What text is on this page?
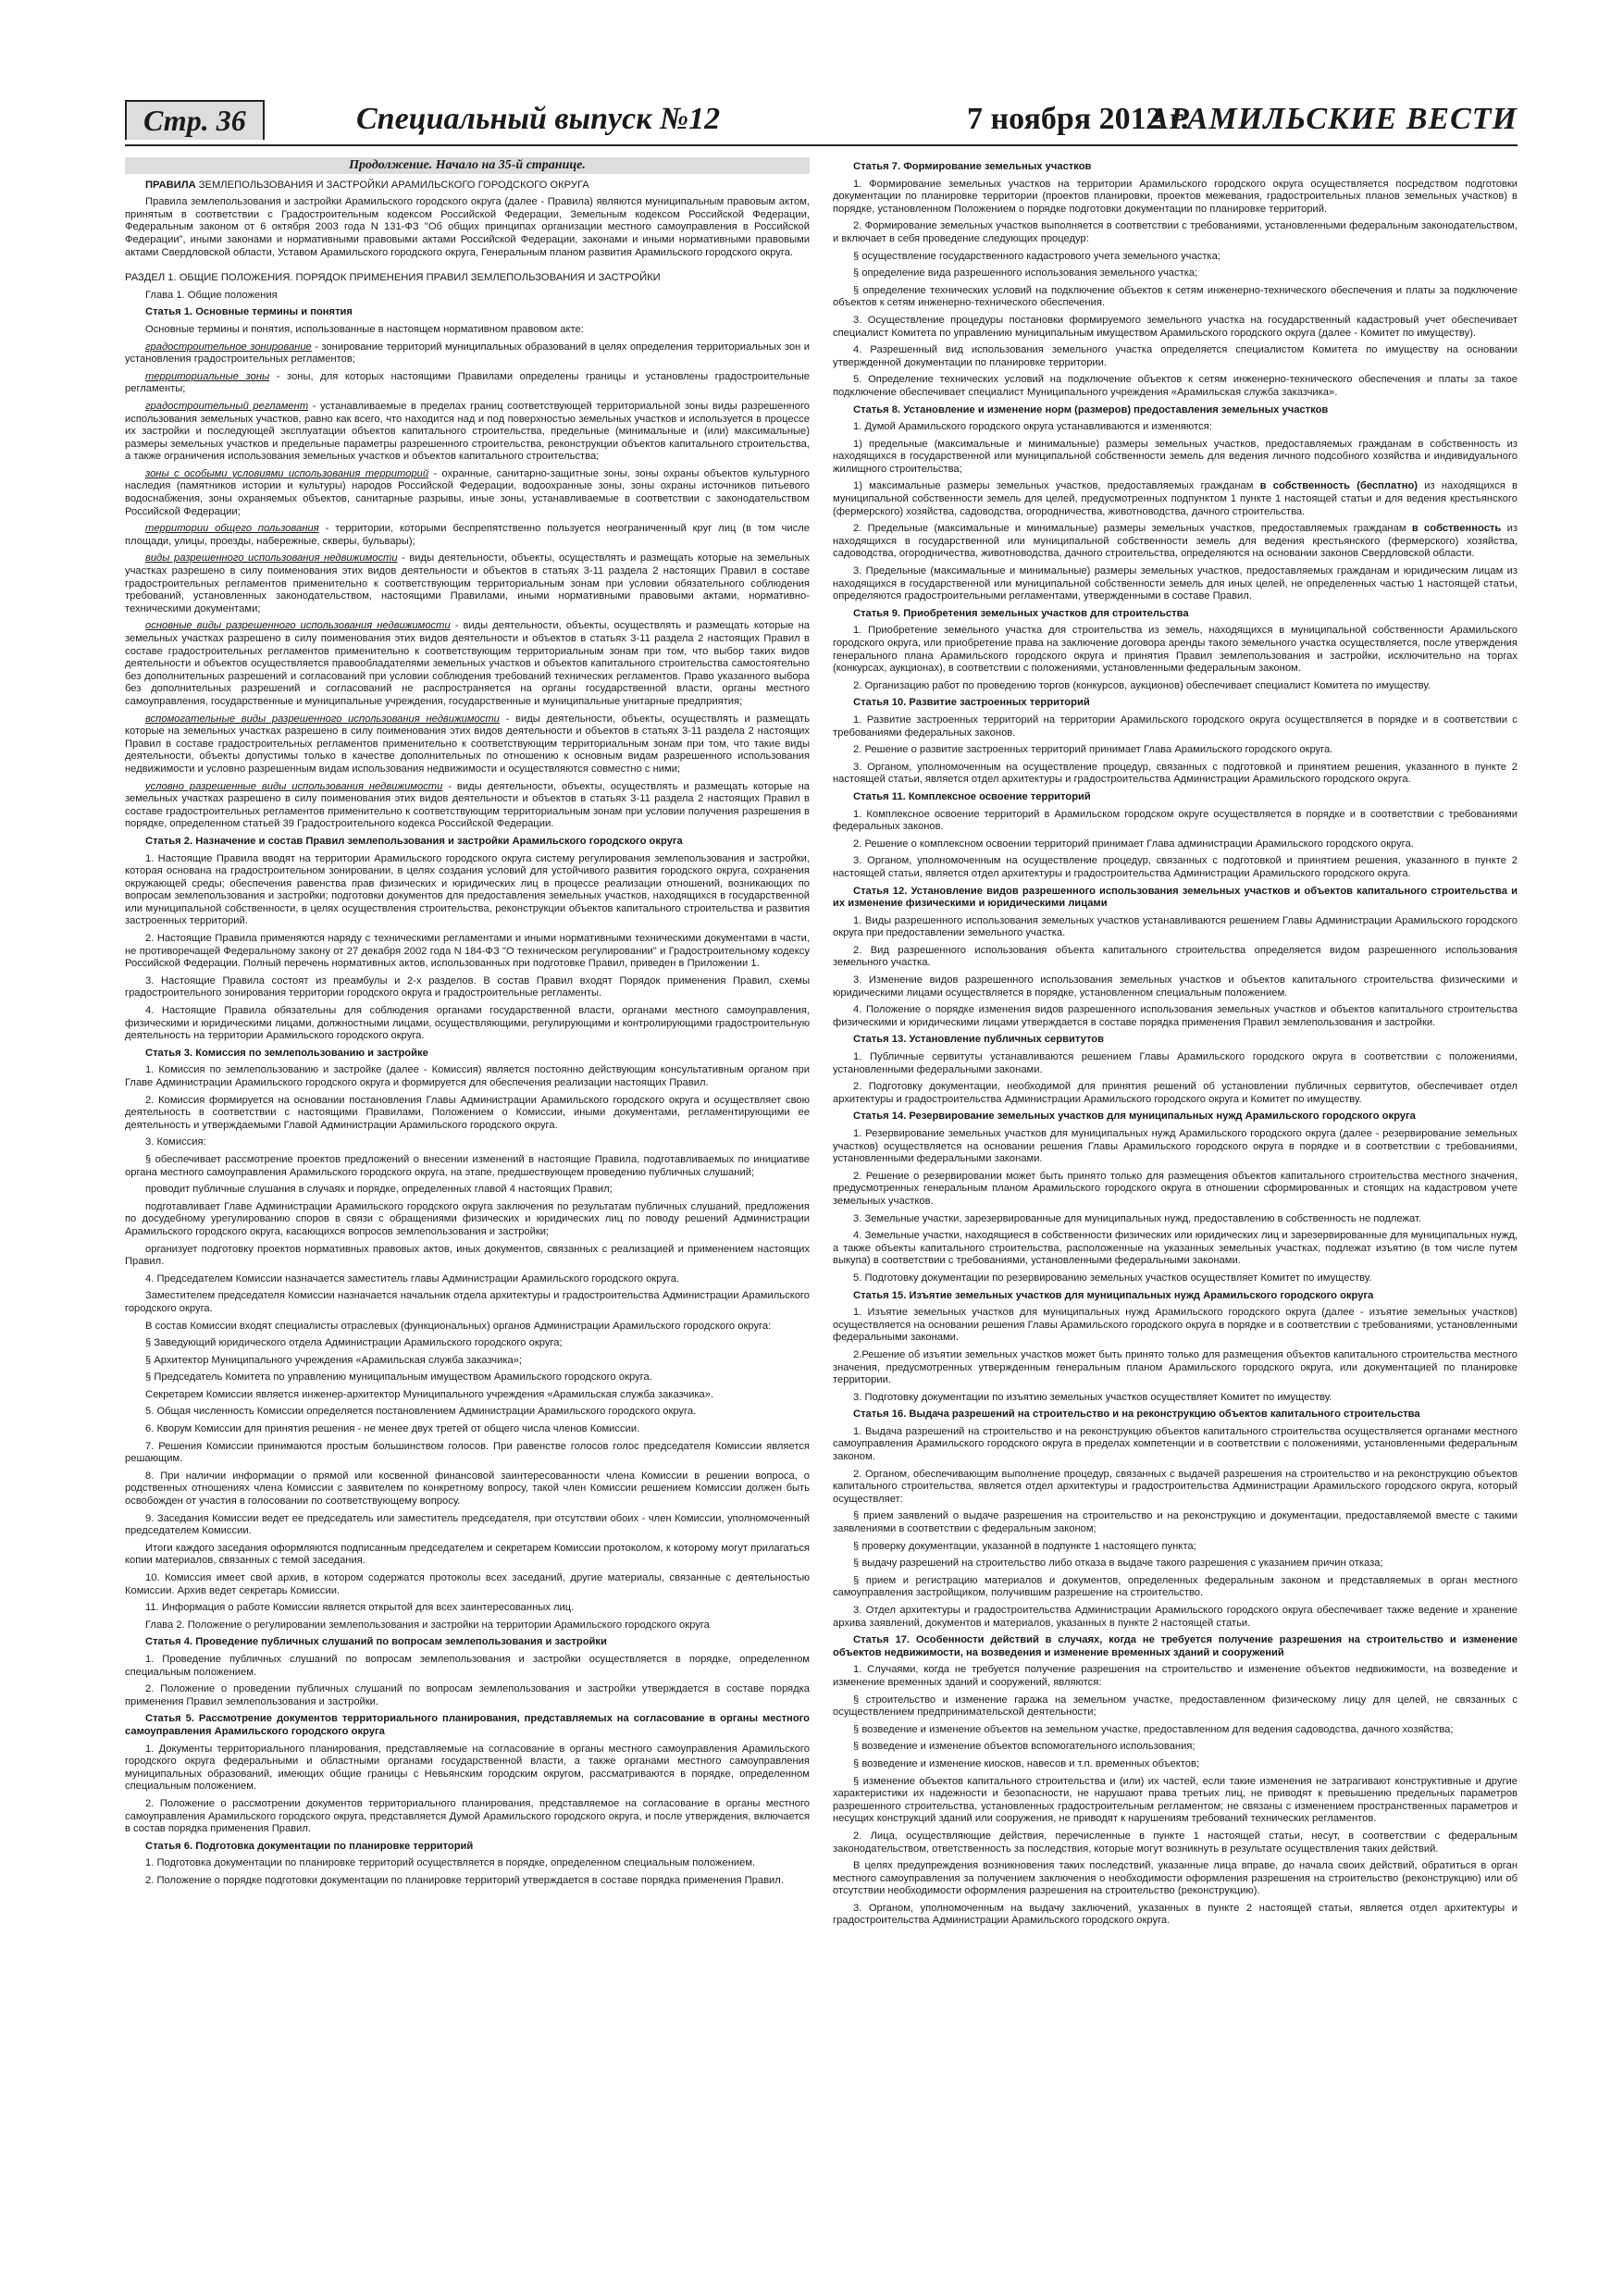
Стр. 36	Специальный выпуск №12	7 ноября 2012 г.
АРАМИЛЬСКИЕ ВЕСТИ
Продолжение. Начало на 35-й странице.

ПРАВИЛА ЗЕМЛЕПОЛЬЗОВАНИЯ И ЗАСТРОЙКИ АРАМИЛЬСКОГО ГОРОДСКОГО ОКРУГА

Правила землепользования и застройки Арамильского городского округа (далее - Правила) являются муниципальным правовым актом, принятым в соответствии с Градостроительным кодексом Российской Федерации, Земельным кодексом Российской Федерации, Федеральным законом от 6 октября 2003 года N 131-ФЗ "Об общих принципах организации местного самоуправления в Российской Федерации", иными законами и нормативными правовыми актами Российской Федерации, законами и иными нормативными правовыми актами Свердловской области, Уставом Арамильского городского округа, Генеральным планом развития Арамильского городского округа.

РАЗДЕЛ 1. ОБЩИЕ ПОЛОЖЕНИЯ. ПОРЯДОК ПРИМЕНЕНИЯ ПРАВИЛ ЗЕМЛЕПОЛЬЗОВАНИЯ И ЗАСТРОЙКИ

Глава 1. Общие положения

Статья 1. Основные термины и понятия

Основные термины и понятия, использованные в настоящем нормативном правовом акте:

градостроительное зонирование - зонирование территорий муниципальных образований в целях определения территориальных зон и установления градостроительных регламентов;

территориальные зоны - зоны, для которых настоящими Правилами определены границы и установлены градостроительные регламенты;

градостроительный регламент - устанавливаемые в пределах границ соответствующей территориальной зоны виды разрешенного использования земельных участков, равно как всего, что находится над и под поверхностью земельных участков и используется в процессе их застройки и последующей эксплуатации объектов капитального строительства, предельные (минимальные и (или) максимальные) размеры земельных участков и предельные параметры разрешенного строительства, реконструкции объектов капитального строительства, а также ограничения использования земельных участков и объектов капитального строительства;

зоны с особыми условиями использования территорий - охранные, санитарно-защитные зоны, зоны охраны объектов культурного наследия (памятников истории и культуры) народов Российской Федерации, водоохранные зоны, зоны охраны источников питьевого водоснабжения, зоны охраняемых объектов, санитарные разрывы, иные зоны, устанавливаемые в соответствии с законодательством Российской Федерации;

территории общего пользования - территории, которыми беспрепятственно пользуется неограниченный круг лиц (в том числе площади, улицы, проезды, набережные, скверы, бульвары);

виды разрешенного использования недвижимости - виды деятельности, объекты, осуществлять и размещать которые на земельных участках разрешено в силу поименования этих видов деятельности и объектов в статьях 3-11 раздела 2 настоящих Правил в составе градостроительных регламентов применительно к соответствующим территориальным зонам при условии обязательного соблюдения требований, установленных законодательством, настоящими Правилами, иными нормативными правовыми актами, нормативно-техническими документами;

основные виды разрешенного использования недвижимости - виды деятельности, объекты, осуществлять и размещать которые на земельных участках разрешено в силу поименования этих видов деятельности и объектов в статьях 3-11 раздела 2 настоящих Правил в составе градостроительных регламентов применительно к соответствующим территориальным зонам при том, что выбор таких видов деятельности и объектов осуществляется правообладателями земельных участков и объектов капитального строительства самостоятельно без дополнительных разрешений и согласований при условии соблюдения требований технических регламентов. Право указанного выбора без дополнительных разрешений и согласований не распространяется на органы государственной власти, органы местного самоуправления, государственные и муниципальные учреждения, государственные и муниципальные унитарные предприятия;

вспомогательные виды разрешенного использования недвижимости - виды деятельности, объекты, осуществлять и размещать которые на земельных участках разрешено в силу поименования этих видов деятельности и объектов в статьях 3-11 раздела 2 настоящих Правил в составе градостроительных регламентов применительно к соответствующим территориальным зонам при том, что такие виды деятельности, объекты допустимы только в качестве дополнительных по отношению к основным видам разрешенного использования недвижимости и условно разрешенным видам использования недвижимости и осуществляются совместно с ними;

условно разрешенные виды использования недвижимости - виды деятельности, объекты, осуществлять и размещать которые на земельных участках разрешено в силу поименования этих видов деятельности и объектов в статьях 3-11 раздела 2 настоящих Правил в составе градостроительных регламентов применительно к соответствующим территориальным зонам при условии получения разрешения в порядке, определенном статьей 39 Градостроительного кодекса Российской Федерации.

Статья 2. Назначение и состав Правил землепользования и застройки Арамильского городского округа

1. Настоящие Правила вводят на территории Арамильского городского округа систему регулирования землепользования и застройки, которая основана на градостроительном зонировании, в целях создания условий для устойчивого развития городского округа, сохранения окружающей среды; обеспечения равенства прав физических и юридических лиц в процессе реализации отношений, возникающих по вопросам землепользования и застройки; подготовки документов для предоставления земельных участков, находящихся в государственной или муниципальной собственности, в целях осуществления строительства, реконструкции объектов капитального строительства и развития застроенных территорий.

2. Настоящие Правила применяются наряду с техническими регламентами и иными нормативными техническими документами в части, не противоречащей Федеральному закону от 27 декабря 2002 года N 184-ФЗ "О техническом регулировании" и Градостроительному кодексу Российской Федерации. Полный перечень нормативных актов, использованных при подготовке Правил, приведен в Приложении 1.

3. Настоящие Правила состоят из преамбулы и 2-х разделов. В состав Правил входят Порядок применения Правил, схемы градостроительного зонирования территории городского округа и градостроительные регламенты.

4. Настоящие Правила обязательны для соблюдения органами государственной власти, органами местного самоуправления, физическими и юридическими лицами, должностными лицами, осуществляющими, регулирующими и контролирующими градостроительную деятельность на территории Арамильского городского округа.

Статья 3. Комиссия по землепользованию и застройке

1. Комиссия по землепользованию и застройке (далее - Комиссия) является постоянно действующим консультативным органом при Главе Администрации Арамильского городского округа и формируется для обеспечения реализации настоящих Правил.

2. Комиссия формируется на основании постановления Главы Администрации Арамильского городского округа и осуществляет свою деятельность в соответствии с настоящими Правилами, Положением о Комиссии, иными документами, регламентирующими ее деятельность и утверждаемыми Главой Администрации Арамильского городского округа.

3. Комиссия:

§ обеспечивает рассмотрение проектов предложений о внесении изменений в настоящие Правила, подготавливаемых по инициативе органа местного самоуправления Арамильского городского округа, на этапе, предшествующем проведению публичных слушаний;

проводит публичные слушания в случаях и порядке, определенных главой 4 настоящих Правил;

подготавливает Главе Администрации Арамильского городского округа заключения по результатам публичных слушаний, предложения по досудебному урегулированию споров в связи с обращениями физических и юридических лиц по поводу решений Администрации Арамильского городского округа, касающихся вопросов землепользования и застройки;

организует подготовку проектов нормативных правовых актов, иных документов, связанных с реализацией и применением настоящих Правил.

4. Председателем Комиссии назначается заместитель главы Администрации Арамильского городского округа.

Заместителем председателя Комиссии назначается начальник отдела архитектуры и градостроительства Администрации Арамильского городского округа.

В состав Комиссии входят специалисты отраслевых (функциональных) органов Администрации Арамильского городского округа:

§ Заведующий юридического отдела Администрации Арамильского городского округа;

§ Архитектор Муниципального учреждения «Арамильская служба заказчика»;

§ Председатель Комитета по управлению муниципальным имуществом Арамильского городского округа.

Секретарем Комиссии является инженер-архитектор Муниципального учреждения «Арамильская служба заказчика».

5. Общая численность Комиссии определяется постановлением Администрации Арамильского городского округа.

6. Кворум Комиссии для принятия решения - не менее двух третей от общего числа членов Комиссии.

7. Решения Комиссии принимаются простым большинством голосов. При равенстве голосов голос председателя Комиссии является решающим.

8. При наличии информации о прямой или косвенной финансовой заинтересованности члена Комиссии в решении вопроса, о родственных отношениях члена Комиссии с заявителем по конкретному вопросу, такой член Комиссии решением Комиссии должен быть освобожден от участия в голосовании по соответствующему вопросу.

9. Заседания Комиссии ведет ее председатель или заместитель председателя, при отсутствии обоих - член Комиссии, уполномоченный председателем Комиссии.

Итоги каждого заседания оформляются подписанным председателем и секретарем Комиссии протоколом, к которому могут прилагаться копии материалов, связанных с темой заседания.

10. Комиссия имеет свой архив, в котором содержатся протоколы всех заседаний, другие материалы, связанные с деятельностью Комиссии. Архив ведет секретарь Комиссии.

11. Информация о работе Комиссии является открытой для всех заинтересованных лиц.

Глава 2. Положение о регулировании землепользования и застройки на территории Арамильского городского округа

Статья 4. Проведение публичных слушаний по вопросам землепользования и застройки

1. Проведение публичных слушаний по вопросам землепользования и застройки осуществляется в порядке, определенном специальным положением.

2. Положение о проведении публичных слушаний по вопросам землепользования и застройки утверждается в составе порядка применения Правил землепользования и застройки.

Статья 5. Рассмотрение документов территориального планирования, представляемых на согласование в органы местного самоуправления Арамильского городского округа

1. Документы территориального планирования, представляемые на согласование в органы местного самоуправления Арамильского городского округа федеральными и областными органами государственной власти, а также органами местного самоуправления муниципальных образований, имеющих общие границы с Невьянским городским округом, рассматриваются в порядке, определенном специальным положением.

2. Положение о рассмотрении документов территориального планирования, представляемое на согласование в органы местного самоуправления Арамильского городского округа, представляется Думой Арамильского городского округа, и после утверждения, включается в состав порядка применения Правил.

Статья 6. Подготовка документации по планировке территорий

1. Подготовка документации по планировке территорий осуществляется в порядке, определенном специальным положением.

2. Положение о порядке подготовки документации по планировке территорий утверждается в составе порядка применения Правил.

Статья 7. Формирование земельных участков

1. Формирование земельных участков на территории Арамильского городского округа осуществляется посредством подготовки документации по планировке территории (проектов планировки, проектов межевания, градостроительных планов земельных участков) в порядке, установленном Положением о порядке подготовки документации по планировке территорий.

2. Формирование земельных участков выполняется в соответствии с требованиями, установленными федеральным законодательством, и включает в себя проведение следующих процедур:

§ осуществление государственного кадастрового учета земельного участка;

§ определение вида разрешенного использования земельного участка;

§ определение технических условий на подключение объектов к сетям инженерно-технического обеспечения и платы за подключение объектов к сетям инженерно-технического обеспечения.

3. Осуществление процедуры постановки формируемого земельного участка на государственный кадастровый учет обеспечивает специалист Комитета по управлению муниципальным имуществом Арамильского городского округа (далее - Комитет по имуществу).

4. Разрешенный вид использования земельного участка определяется специалистом Комитета по имуществу на основании утвержденной документации по планировке территории.

5. Определение технических условий на подключение объектов к сетям инженерно-технического обеспечения и платы за такое подключение обеспечивает специалист Муниципального учреждения «Арамильская служба заказчика».

Статья 8. Установление и изменение норм (размеров) предоставления земельных участков

1. Думой Арамильского городского округа устанавливаются и изменяются:

1) предельные (максимальные и минимальные) размеры земельных участков, предоставляемых гражданам в собственность из находящихся в государственной или муниципальной собственности земель для ведения личного подсобного хозяйства и индивидуального жилищного строительства;

1) максимальные размеры земельных участков, предоставляемых гражданам в собственность (бесплатно) из находящихся в муниципальной собственности земель для целей, предусмотренных подпунктом 1 пункте 1 настоящей статьи и для ведения крестьянского (фермерского) хозяйства, садоводства, огородничества, животноводства, дачного строительства.

2. Предельные (максимальные и минимальные) размеры земельных участков, предоставляемых гражданам в собственность из находящихся в государственной или муниципальной собственности земель для ведения крестьянского (фермерского) хозяйства, садоводства, огородничества, животноводства, дачного строительства, определяются на основании законов Свердловской области.

3. Предельные (максимальные и минимальные) размеры земельных участков, предоставляемых гражданам и юридическим лицам из находящихся в государственной или муниципальной собственности земель для иных целей, не определенных частью 1 настоящей статьи, определяются градостроительными регламентами, утвержденными в составе Правил.

Статья 9. Приобретения земельных участков для строительства

1. Приобретение земельного участка для строительства из земель, находящихся в муниципальной собственности Арамильского городского округа, или приобретение права на заключение договора аренды такого земельного участка осуществляется, после утверждения генерального плана Арамильского городского округа и принятия Правил землепользования и застройки, исключительно на торгах (конкурсах, аукционах), в соответствии с положениями, установленными федеральным законом.

2. Организацию работ по проведению торгов (конкурсов, аукционов) обеспечивает специалист Комитета по имуществу.

Статья 10. Развитие застроенных территорий

1. Развитие застроенных территорий на территории Арамильского городского округа осуществляется в порядке и в соответствии с требованиями федеральных законов.

2. Решение о развитие застроенных территорий принимает Глава Арамильского городского округа.

3. Органом, уполномоченным на осуществление процедур, связанных с подготовкой и принятием решения, указанного в пункте 2 настоящей статьи, является отдел архитектуры и градостроительства Администрации Арамильского городского округа.

Статья 11. Комплексное освоение территорий

1. Комплексное освоение территорий в Арамильском городском округе осуществляется в порядке и в соответствии с требованиями федеральных законов.

2. Решение о комплексном освоении территорий принимает Глава администрации Арамильского городского округа.

3. Органом, уполномоченным на осуществление процедур, связанных с подготовкой и принятием решения, указанного в пункте 2 настоящей статьи, является отдел архитектуры и градостроительства Администрации Арамильского городского округа.

Статья 12. Установление видов разрешенного использования земельных участков и объектов капитального строительства и их изменение физическими и юридическими лицами

1. Виды разрешенного использования земельных участков устанавливаются решением Главы Администрации Арамильского городского округа при предоставлении земельного участка.

2. Вид разрешенного использования объекта капитального строительства определяется видом разрешенного использования земельного участка.

3. Изменение видов разрешенного использования земельных участков и объектов капитального строительства физическими и юридическими лицами осуществляется в порядке, установленном специальным положением.

4. Положение о порядке изменения видов разрешенного использования земельных участков и объектов капитального строительства физическими и юридическими лицами утверждается в составе порядка применения Правил землепользования и застройки.

Статья 13. Установление публичных сервитутов

1. Публичные сервитуты устанавливаются решением Главы Арамильского городского округа в соответствии с положениями, установленными федеральными законами.

2. Подготовку документации, необходимой для принятия решений об установлении публичных сервитутов, обеспечивает отдел архитектуры и градостроительства Администрации Арамильского городского округа и Комитет по имуществу.

Статья 14. Резервирование земельных участков для муниципальных нужд Арамильского городского округа

1. Резервирование земельных участков для муниципальных нужд Арамильского городского округа (далее - резервирование земельных участков) осуществляется на основании решения Главы Арамильского городского округа в порядке и в соответствии с требованиями, установленными федеральными законами.

2. Решение о резервировании может быть принято только для размещения объектов капитального строительства местного значения, предусмотренных генеральным планом Арамильского городского округа в отношении сформированных и стоящих на кадастровом учете земельных участков.

3. Земельные участки, зарезервированные для муниципальных нужд, предоставлению в собственность не подлежат.

4. Земельные участки, находящиеся в собственности физических или юридических лиц и зарезервированные для муниципальных нужд, а также объекты капитального строительства, расположенные на указанных земельных участках, подлежат изъятию (в том числе путем выкупа) в соответствии с требованиями, установленными федеральными законами.

5. Подготовку документации по резервированию земельных участков осуществляет Комитет по имуществу.

Статья 15. Изъятие земельных участков для муниципальных нужд Арамильского городского округа

1. Изъятие земельных участков для муниципальных нужд Арамильского городского округа (далее - изъятие земельных участков) осуществляется на основании решения Главы Арамильского городского округа в порядке и в соответствии с требованиями, установленными федеральными законами.

2.Решение об изъятии земельных участков может быть принято только для размещения объектов капитального строительства местного значения, предусмотренных утвержденным генеральным планом Арамильского городского округа, или документацией по планировке территории.

3. Подготовку документации по изъятию земельных участков осуществляет Комитет по имуществу.

Статья 16. Выдача разрешений на строительство и на реконструкцию объектов капитального строительства

1. Выдача разрешений на строительство и на реконструкцию объектов капитального строительства осуществляется органами местного самоуправления Арамильского городского округа в пределах компетенции и в соответствии с положениями, установленными федеральным законом.

2. Органом, обеспечивающим выполнение процедур, связанных с выдачей разрешения на строительство и на реконструкцию объектов капитального строительства, является отдел архитектуры и градостроительства Администрации Арамильского городского округа, который осуществляет:

§ прием заявлений о выдаче разрешения на строительство и на реконструкцию и документации, предоставляемой вместе с такими заявлениями в соответствии с федеральным законом;

§ проверку документации, указанной в подпункте 1 настоящего пункта;

§ выдачу разрешений на строительство либо отказа в выдаче такого разрешения с указанием причин отказа;

§ прием и регистрацию материалов и документов, определенных федеральным законом и представляемых в орган местного самоуправления застройщиком, получившим разрешение на строительство.

3. Отдел архитектуры и градостроительства Администрации Арамильского городского округа обеспечивает также ведение и хранение архива заявлений, документов и материалов, указанных в пункте 2 настоящей статьи.

Статья 17. Особенности действий в случаях, когда не требуется получение разрешения на строительство и изменение объектов недвижимости, на возведения и изменение временных зданий и сооружений

1. Случаями, когда не требуется получение разрешения на строительство и изменение объектов недвижимости, на возведение и изменение временных зданий и сооружений, являются:

§ строительство и изменение гаража на земельном участке, предоставленном физическому лицу для целей, не связанных с осуществлением предпринимательской деятельности;

§ возведение и изменение объектов на земельном участке, предоставленном для ведения садоводства, дачного хозяйства;

§ возведение и изменение объектов вспомогательного использования;

§ возведение и изменение киосков, навесов и т.п. временных объектов;

§ изменение объектов капитального строительства и (или) их частей, если такие изменения не затрагивают конструктивные и другие характеристики их надежности и безопасности, не нарушают права третьих лиц, не приводят к превышению предельных параметров разрешенного строительства, установленных градостроительным регламентом; не связаны с изменением пространственных параметров и несущих конструкций зданий или сооружения, не приводят к нарушениям требований технических регламентов.

2. Лица, осуществляющие действия, перечисленные в пункте 1 настоящей статьи, несут, в соответствии с федеральным законодательством, ответственность за последствия, которые могут возникнуть в результате осуществления таких действий.

В целях предупреждения возникновения таких последствий, указанные лица вправе, до начала своих действий, обратиться в орган местного самоуправления за получением заключения о необходимости оформления разрешения на строительство (реконструкцию) или об отсутствии необходимости оформления разрешения на строительство (реконструкцию).

3. Органом, уполномоченным на выдачу заключений, указанных в пункте 2 настоящей статьи, является отдел архитектуры и градостроительства Администрации Арамильского городского округа.
